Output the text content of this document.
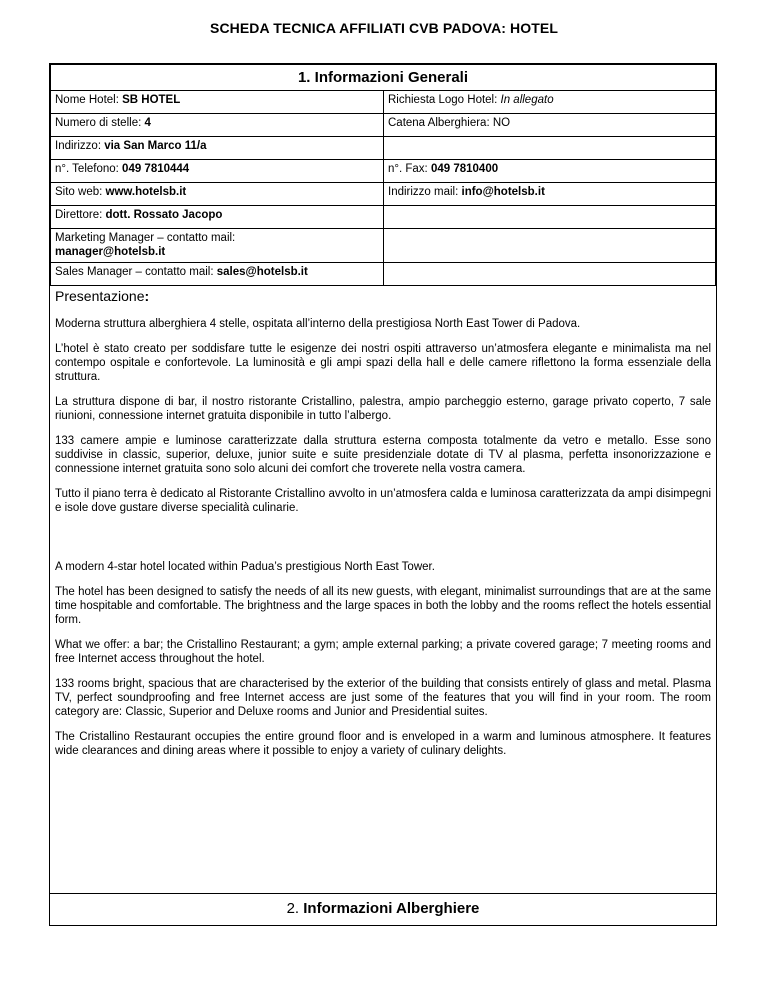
SCHEDA TECNICA AFFILIATI CVB PADOVA: HOTEL
1. Informazioni Generali	
Nome Hotel: SB HOTEL	Richiesta Logo Hotel: In allegato
Numero di stelle: 4	Catena Alberghiera: NO
Indirizzo: via San Marco 11/a	
n°. Telefono: 049 7810444	n°. Fax: 049 7810400
Sito web: www.hotelsb.it	Indirizzo mail: info@hotelsb.it
Direttore: dott. Rossato Jacopo	
Marketing Manager – contatto mail:
manager@hotelsb.it	
Sales Manager – contatto mail: sales@hotelsb.it	
Presentazione:

Moderna struttura alberghiera 4 stelle, ospitata all’interno della prestigiosa North East Tower di Padova.

L’hotel è stato creato per soddisfare tutte le esigenze dei nostri ospiti attraverso un’atmosfera elegante e minimalista ma nel contempo ospitale e confortevole. La luminosità e gli ampi spazi della hall e delle camere riflettono la forma essenziale della struttura.

La struttura dispone di bar, il nostro ristorante Cristallino, palestra, ampio parcheggio esterno, garage privato coperto, 7 sale riunioni, connessione internet gratuita disponibile in tutto l’albergo.

133 camere ampie e luminose caratterizzate dalla struttura esterna composta totalmente da vetro e metallo. Esse sono suddivise in classic, superior, deluxe, junior suite e suite presidenziale dotate di TV al plasma, perfetta insonorizzazione e connessione internet gratuita sono solo alcuni dei comfort che troverete nella vostra camera.

Tutto il piano terra è dedicato al Ristorante Cristallino avvolto in un’atmosfera calda e luminosa caratterizzata da ampi disimpegni e isole dove gustare diverse specialità culinarie.

A modern 4-star hotel located within Padua’s prestigious North East Tower.

The hotel has been designed to satisfy the needs of all its new guests, with elegant, minimalist surroundings that are at the same time hospitable and comfortable. The brightness and the large spaces in both the lobby and the rooms reflect the hotels essential form.

What we offer: a bar; the Cristallino Restaurant; a gym; ample external parking; a private covered garage; 7 meeting rooms and free Internet access throughout the hotel.

133 rooms bright, spacious that are characterised by the exterior of the building that consists entirely of glass and metal. Plasma TV, perfect soundproofing and free Internet access are just some of the features that you will find in your room. The room category are: Classic, Superior and Deluxe rooms and Junior and Presidential suites.

The Cristallino Restaurant occupies the entire ground floor and is enveloped in a warm and luminous atmosphere. It features wide clearances and dining areas where it possible to enjoy a variety of culinary delights.

2. Informazioni Alberghiere
